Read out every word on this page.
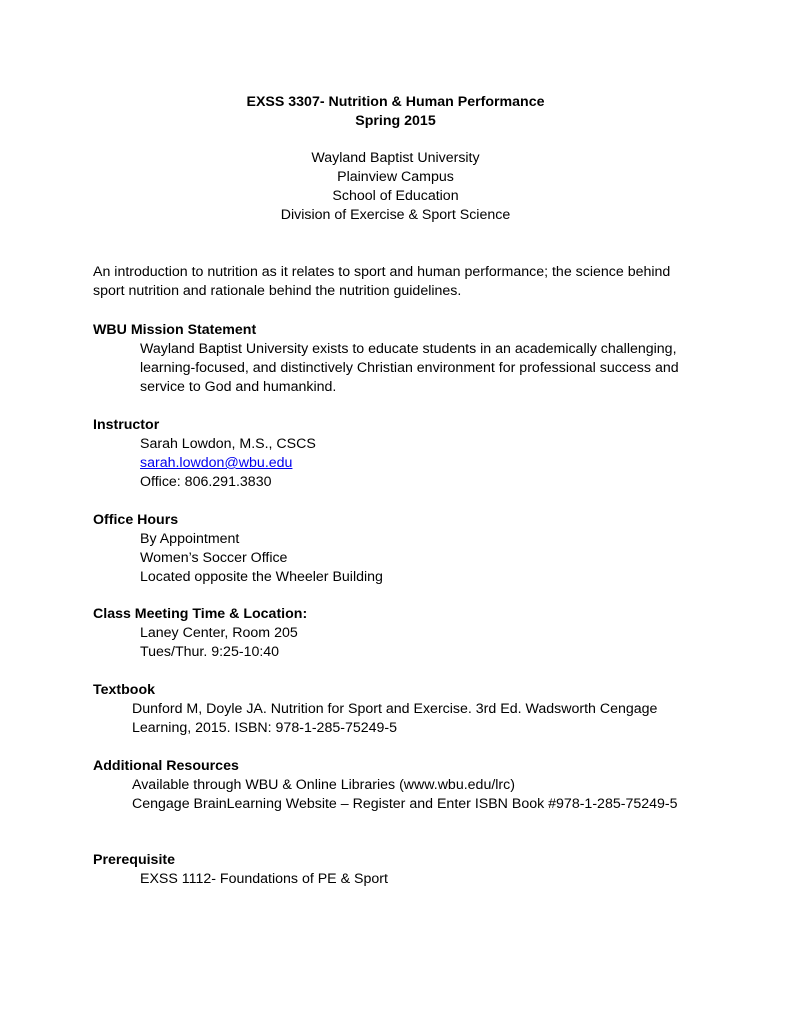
EXSS 3307- Nutrition & Human Performance
Spring 2015
Wayland Baptist University
Plainview Campus
School of Education
Division of Exercise & Sport Science
An introduction to nutrition as it relates to sport and human performance; the science behind
sport nutrition and rationale behind the nutrition guidelines.
WBU Mission Statement
Wayland Baptist University exists to educate students in an academically challenging,
learning-focused, and distinctively Christian environment for professional success and
service to God and humankind.
Instructor
Sarah Lowdon, M.S., CSCS
sarah.lowdon@wbu.edu
Office: 806.291.3830
Office Hours
By Appointment
Women’s Soccer Office
Located opposite the Wheeler Building
Class Meeting Time & Location:
Laney Center, Room 205
Tues/Thur. 9:25-10:40
Textbook
Dunford M, Doyle JA. Nutrition for Sport and Exercise. 3rd Ed. Wadsworth Cengage
Learning, 2015. ISBN: 978-1-285-75249-5
Additional Resources
Available through WBU & Online Libraries (www.wbu.edu/lrc)
Cengage BrainLearning Website – Register and Enter ISBN Book #978-1-285-75249-5
Prerequisite
EXSS 1112- Foundations of PE & Sport
